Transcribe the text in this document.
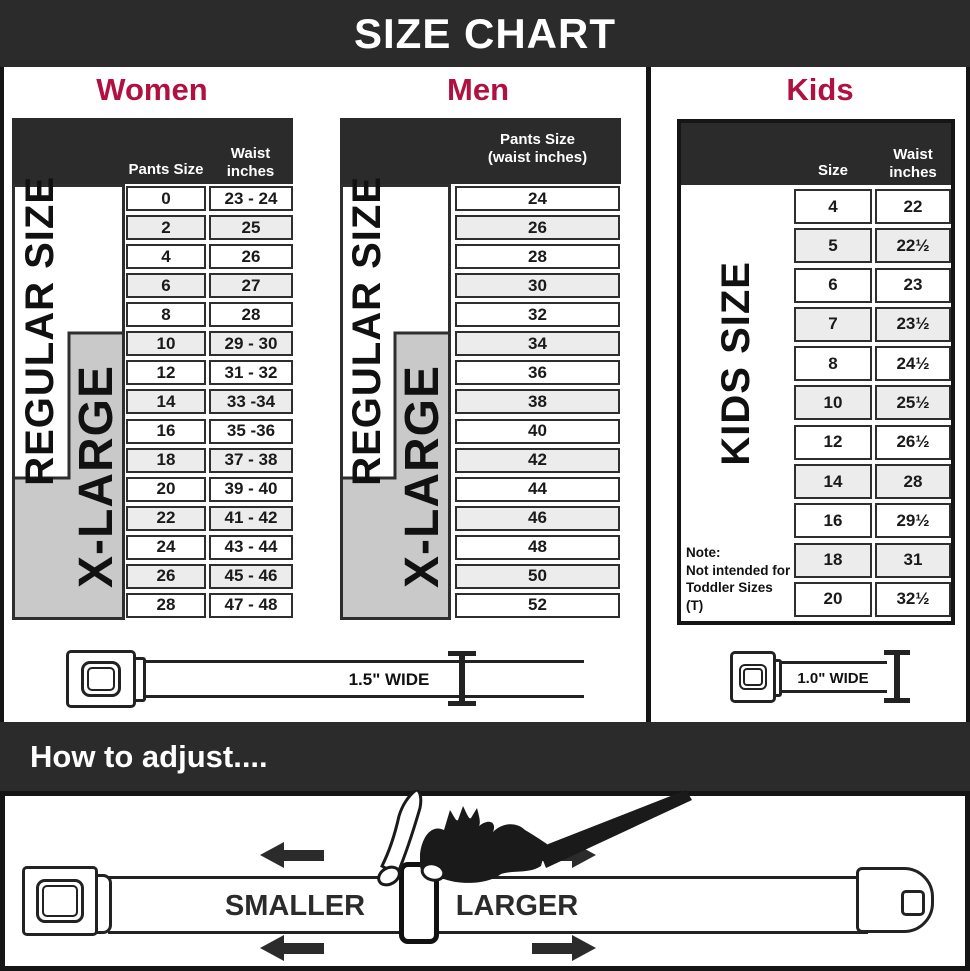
SIZE CHART
Women	Men	Kids
Pants Size
Waist
inches
REGULAR SIZE X-LARGE
0	23 - 24
2	25
4	26
6	27
8	28
10	29 - 30
12	31 - 32
14	33 -34
16	35 -36
18	37 - 38
20	39 - 40
22	41 - 42
24	43 - 44
26	45 - 46
28	47 - 48
Pants Size
(waist inches)
REGULAR SIZE X-LARGE
24
26
28
30
32
34
36
38
40
42
44
46
48
50
52
Size
Waist
inches
KIDS SIZE
Note:
Not intended for
Toddler Sizes (T)
4	22
5	22½
6	23
7	23½
8	24½
10	25½
12	26½
14	28
16	29½
18	31
20	32½
1.5" WIDE	1.0" WIDE
How to adjust....
SMALLER	LARGER
